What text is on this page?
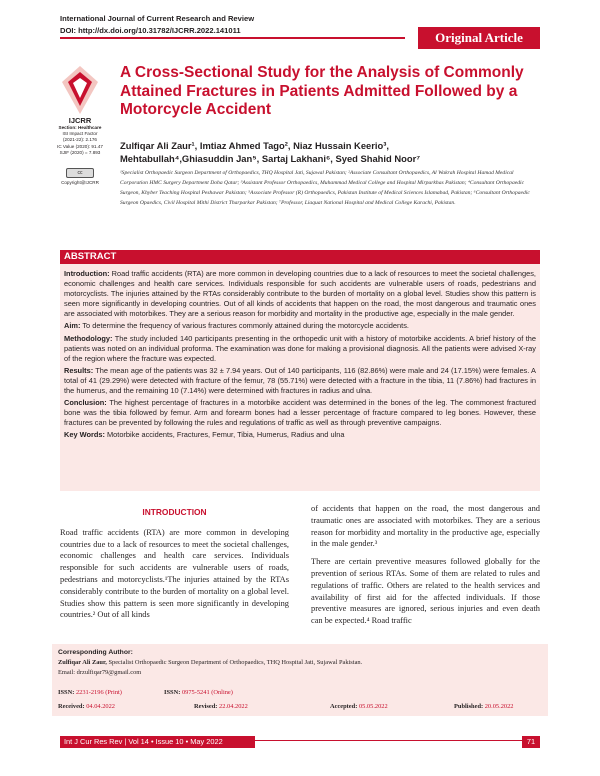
International Journal of Current Research and Review
DOI: http://dx.doi.org/10.31782/IJCRR.2022.141011	Original Article
IJCRR
Section: Healthcare
ISI Impact Factor
(2021-22): 2.176
IC Value (2020): 91.47
SJIF (2020) = 7.893
cc
Copyright@IJCRR
A Cross-Sectional Study for the Analysis of Commonly Attained Fractures in Patients Admitted Followed by a Motorcycle Accident
Zulfiqar Ali Zaur¹, Imtiaz Ahmed Tago², Niaz Hussain Keerio³,
Mehtabullah⁴,Ghiasuddin Jan⁵, Sartaj Lakhani⁶, Syed Shahid Noor⁷
¹Specialist Orthopaedic Surgeon Department of Orthopaedics, THQ Hospital Jati, Sujawal Pakistan; ²Associate Consultant Orthopaedics, Al Wakrah Hospital Hamad Medical Corporation HMC Surgery Department Doha Qatar; ³Assistant Professor Orthopaedics, Muhammad Medical College and Hospital Mirpurkhas Pakistan; ⁴Consultant Orthopaedic Surgeon, Khyber Teaching Hospital Peshawar Pakistan; ⁵Associate Professor (R) Orthopaedics, Pakistan Institute of Medical Sciences Islamabad, Pakistan; ⁶Consultant Orthopaedic Surgeon Opaedics, Civil Hospital Mithi District Tharparkar Pakistan; ⁷Professor, Liaquat National Hospital and Medical College Karachi, Pakistan.
ABSTRACT

Introduction: Road traffic accidents (RTA) are more common in developing countries due to a lack of resources to meet the societal challenges, economic challenges and health care services. Individuals responsible for such accidents are vulnerable users of roads, pedestrians and motorcyclists. The injuries attained by the RTAs considerably contribute to the burden of mortality on a global level. Studies show this pattern is seen more significantly in developing countries. Out of all kinds of accidents that happen on the road, the most dangerous and traumatic ones are associated with motorbikes. They are a serious reason for morbidity and mortality in the productive age, especially in the male gender.

Aim: To determine the frequency of various fractures commonly attained during the motorcycle accidents.

Methodology: The study included 140 participants presenting in the orthopedic unit with a history of motorbike accidents. A brief history of the patients was noted on an individual proforma. The examination was done for making a provisional diagnosis. All the patients were advised X-ray of the region where the fracture was expected.

Results: The mean age of the patients was 32 ± 7.94 years. Out of 140 participants, 116 (82.86%) were male and 24 (17.15%) were females. A total of 41 (29.29%) were detected with fracture of the femur, 78 (55.71%) were detected with a fracture in the tibia, 11 (7.86%) had fractures in the humerus, and the remaining 10 (7.14%) were determined with fractures in radius and ulna.

Conclusion: The highest percentage of fractures in a motorbike accident was determined in the bones of the leg. The commonest fractured bone was the tibia followed by femur. Arm and forearm bones had a lesser percentage of fracture compared to leg bones. However, these fractures can be prevented by following the rules and regulations of traffic as well as through preventive campaigns.

Key Words: Motorbike accidents, Fractures, Femur, Tibia, Humerus, Radius and ulna

INTRODUCTION

Road traffic accidents (RTA) are more common in developing countries due to a lack of resources to meet the societal challenges, economic challenges and health care services. Individuals responsible for such accidents are vulnerable users of roads, pedestrians and motorcyclists.¹The injuries attained by the RTAs considerably contribute to the burden of mortality on a global level. Studies show this pattern is seen more significantly in developing countries.² Out of all kinds

of accidents that happen on the road, the most dangerous and traumatic ones are associated with motorbikes. They are a serious reason for morbidity and mortality in the productive age, especially in the male gender.³

There are certain preventive measures followed globally for the prevention of serious RTAs. Some of them are related to rules and regulations of traffic. Others are related to the health services and availability of first aid for the affected individuals. If those preventive measures are ignored, serious injuries and even death can be expected.⁴ Road traffic

Corresponding Author:
Zulfiqar Ali Zaur, Specialist Orthopaedic Surgeon Department of Orthopaedics, THQ Hospital Jati, Sujawal Pakistan.
Email: drzulfiqar79@gmail.com
ISSN: 2231-2196 (Print)	ISSN: 0975-5241 (Online)
Received: 04.04.2022	Revised: 22.04.2022	Accepted: 05.05.2022	Published: 20.05.2022
Int J Cur Res Rev | Vol 14 • Issue 10 • May 2022	71
